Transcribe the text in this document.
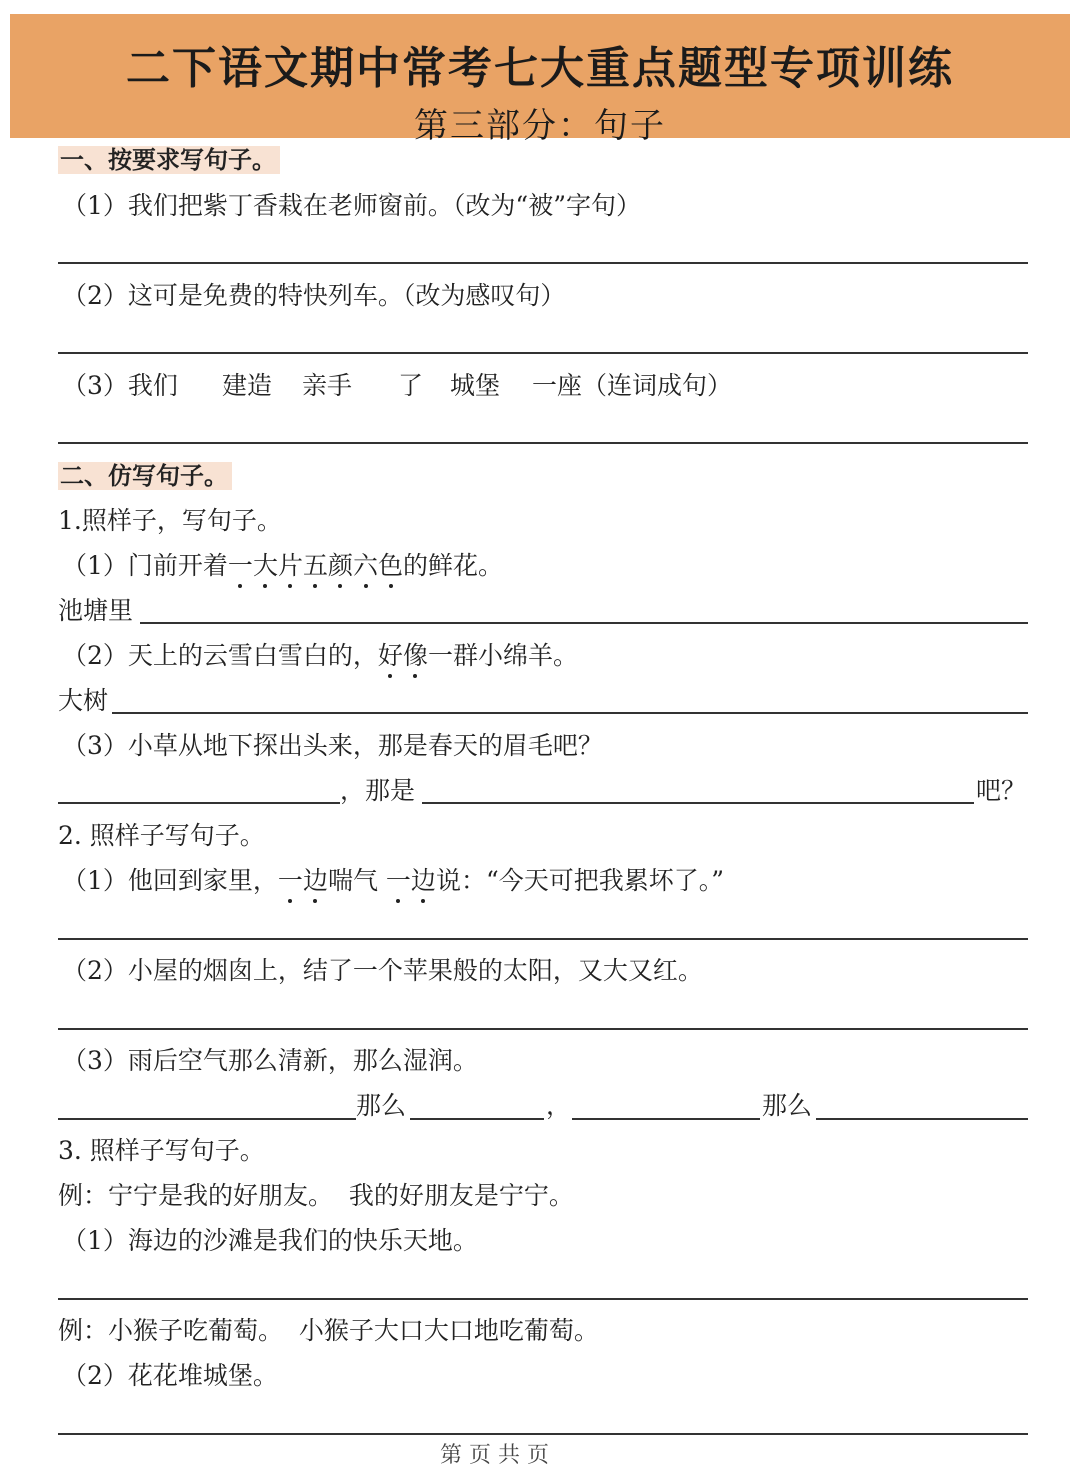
二下语文期中常考七大重点题型专项训练
第三部分：句子
一、按要求写句子。
（1）我们把紫丁香栽在老师窗前。（改为“被”字句）
（2）这可是免费的特快列车。（改为感叹句）
（3）我们 建造 亲手 了 城堡 一座（连词成句）
二、仿写句子。
1.照样子，写句子。
（1）门前开着一大片五颜六色的鲜花。
池塘里
（2）天上的云雪白雪白的，好像一群小绵羊。
大树
（3）小草从地下探出头来，那是春天的眉毛吧？
，那是	吧？
2. 照样子写句子。
（1）他回到家里，一边喘气 一边说：“今天可把我累坏了。”
（2）小屋的烟囱上，结了一个苹果般的太阳，又大又红。
（3）雨后空气那么清新，那么湿润。
那么	，	那么
3. 照样子写句子。
例：宁宁是我的好朋友。  我的好朋友是宁宁。
（1）海边的沙滩是我们的快乐天地。
例：小猴子吃葡萄。  小猴子大口大口地吃葡萄。
（2）花花堆城堡。
第 页 共 页
